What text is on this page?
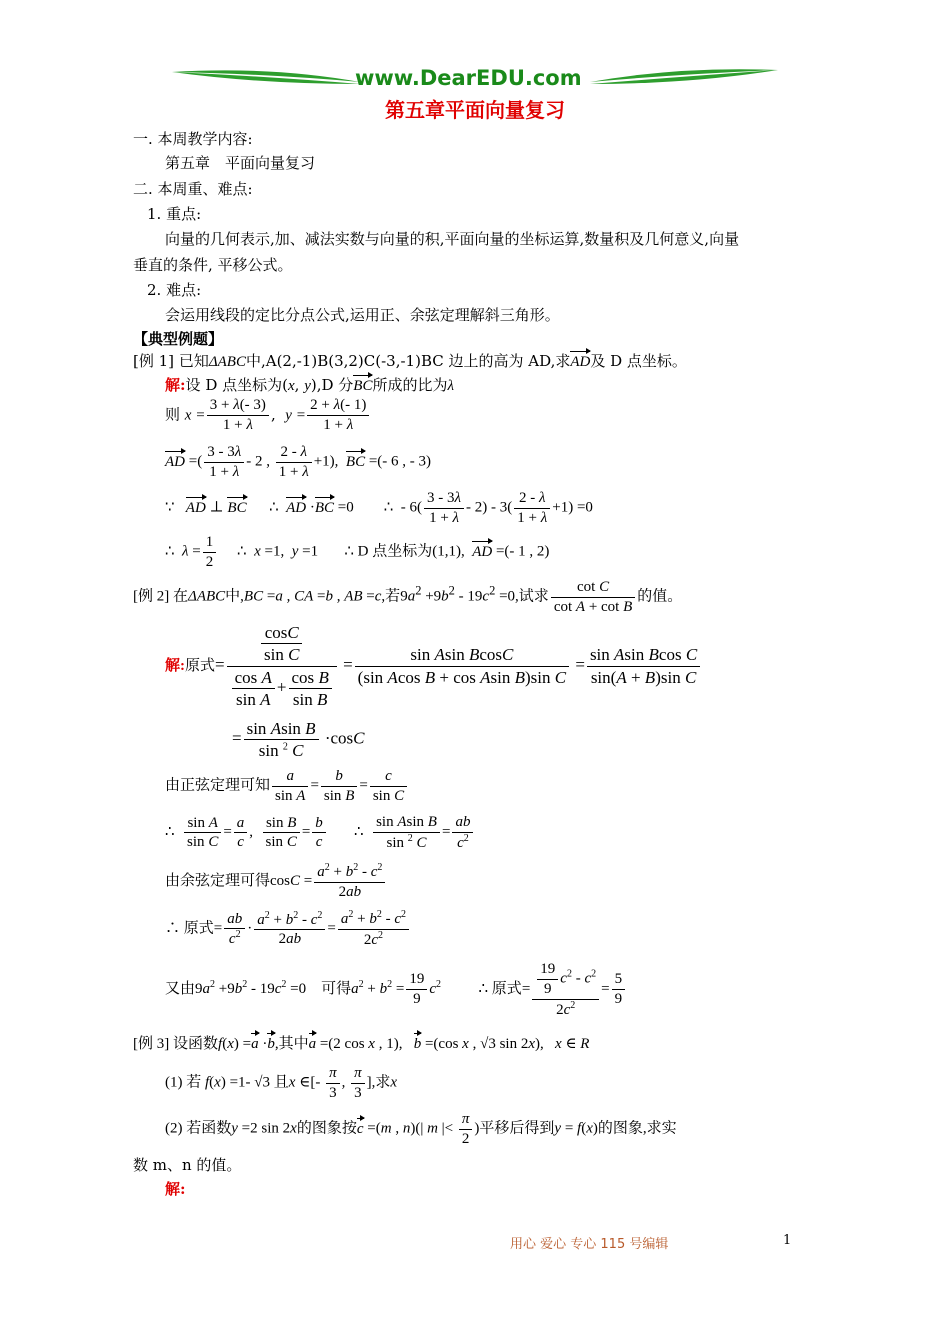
www.DearEDU.com
第五章平面向量复习
一. 本周教学内容:
第五章　平面向量复习
二. 本周重、难点:
1. 重点:
向量的几何表示,加、减法实数与向量的积,平面向量的坐标运算,数量积及几何意义,向量
垂直的条件, 平移公式。
2. 难点:
会运用线段的定比分点公式,运用正、余弦定理解斜三角形。
【典型例题】
[例 1] 已知ΔABC中,A(2,-1)B(3,2)C(-3,-1)BC 边上的高为 AD,求AD及 D 点坐标。
解:设 D 点坐标为(x, y),D 分BC所成的比为λ
则 $x = \frac{3 + \lambda(- 3)}{1 + \lambda}$ ,  $y = \frac{2 + \lambda(- 1)}{1 + \lambda}$
AD =( $\frac{3 - 3\lambda}{1 + \lambda} - 2$ , $\frac{2 - \lambda}{1 + \lambda} +1$),  BC =(- 6 , - 3)
∵ AD ⊥ BC      ∴  AD ·BC =0        ∴  - $6( \frac{3 - 3\lambda}{1 + \lambda} - 2) - 3( \frac{2 - \lambda}{1 + \lambda} +1) =0$
∴ $\lambda = \frac{1}{2}$ ∴  x =1,  y =1       ∴ D 点坐标为(1,1), AD =(- 1 , 2)
[例 2] 在ΔABC中,BC =a , CA =b , AB =c,若$9a^2 +9b^2 - 19c^2 =0$,试求 $\frac{\text{cot C}}{\text{cot A + cot B}}$ 的值。
解:原式= $\frac{\frac{\cos C}{\text{sin C}}}{\frac{\text{cos A}}{\text{sin A}} + \frac{\text{cos B}}{\text{sin B}}} = \frac{\text{sin Asin BcosC}}{\text{(sin Acos B + cos Asin B)sin C}} = \frac{\text{sin Asin Bcos C}}{\text{sin(A + B)sin C}}$
= $\frac{\text{sin Asin B}}{\sin ^2 C} \cdot\cos C$
由正弦定理可知 $\frac{a}{\text{sin A}} = \frac{b}{\text{sin B}} = \frac{c}{\text{sin C}}$
∴ $\frac{\text{sin A}}{\text{sin C}} = \frac{a}{c}$ , $\frac{\text{sin B}}{\text{sin C}} = \frac{b}{c}$ ∴ $\frac{\text{sin Asin B}}{\sin ^2 C} = \frac{ab}{c^2}$
由余弦定理可得$\cos C = \frac{a^2 + b^2 - c^2}{2ab}$
∴ 原式= $\frac{ab}{c^2} \cdot \frac{a^2 + b^2 - c^2}{2ab} = \frac{a^2 + b^2 - c^2}{2c^2}$
又由$9a^2 +9b^2 - 19c^2 =0$    可得$a^2 + b^2 = \frac{19}{9} c^2$          ∴ 原式= $\frac{\frac{19}{9} c^2 - c^2}{2c^2} = \frac{5}{9}$
[例 3] 设函数f(x) =a ·b,其中a =(2 cos x , 1), b =(cos x , √3 sin 2x),   x ∈ R
(1) 若 f(x) =1- √3 且x ∈[- $\frac{\pi}{3}$ , $\frac{\pi}{3}$ ],求x
(2) 若函数y =2 sin 2x的图象按c =(m , n)(| m |< $\frac{\pi}{2}$ )平移后得到y = f(x)的图象,求实
数 m、n 的值。
解:
用心 爱心 专心 115 号编辑	1
